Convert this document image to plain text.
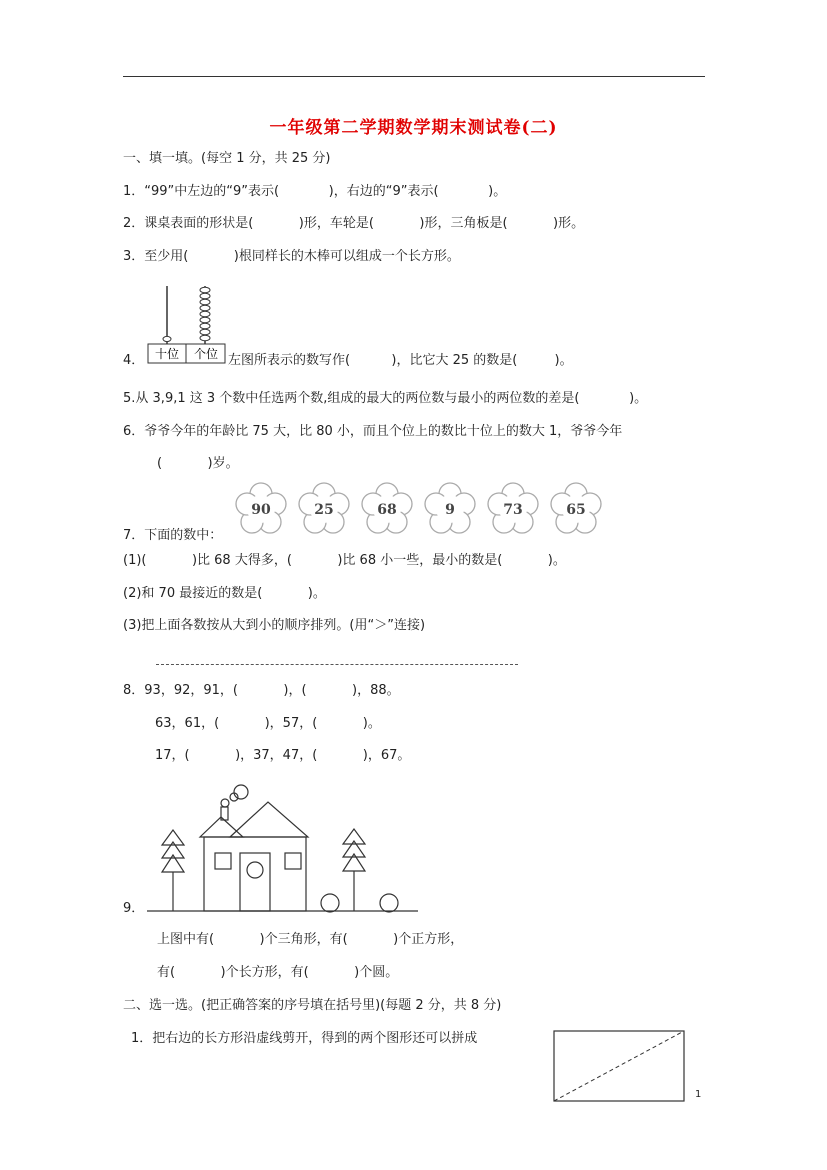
一年级第二学期数学期末测试卷(二)
一、填一填。(每空 1 分，共 25 分)
1．“99”中左边的“9”表示(            )，右边的“9”表示(            )。
2．课桌表面的形状是(           )形，车轮是(           )形，三角板是(           )形。
3．至少用(           )根同样长的木棒可以组成一个长方形。
十位 个位
4．	左图所表示的数写作(          )，比它大 25 的数是(         )。
5.从 3,9,1 这 3 个数中任选两个数,组成的最大的两位数与最小的两位数的差是(            )。
6．爷爷今年的年龄比 75 大，比 80 小，而且个位上的数比十位上的数大 1，爷爷今年
(           )岁。
90	25	68	9	73	65
7．下面的数中：
(1)(           )比 68 大得多，(           )比 68 小一些，最小的数是(           )。
(2)和 70 最接近的数是(           )。
(3)把上面各数按从大到小的顺序排列。(用“＞”连接)
8．93，92，91，(           )，(           )，88。
63，61，(           )，57，(           )。
17，(           )，37，47，(           )，67。
9．
上图中有(           )个三角形，有(           )个正方形，
有(           )个长方形，有(           )个圆。
二、选一选。(把正确答案的序号填在括号里)(每题 2 分，共 8 分)
1．把右边的长方形沿虚线剪开，得到的两个图形还可以拼成
1
